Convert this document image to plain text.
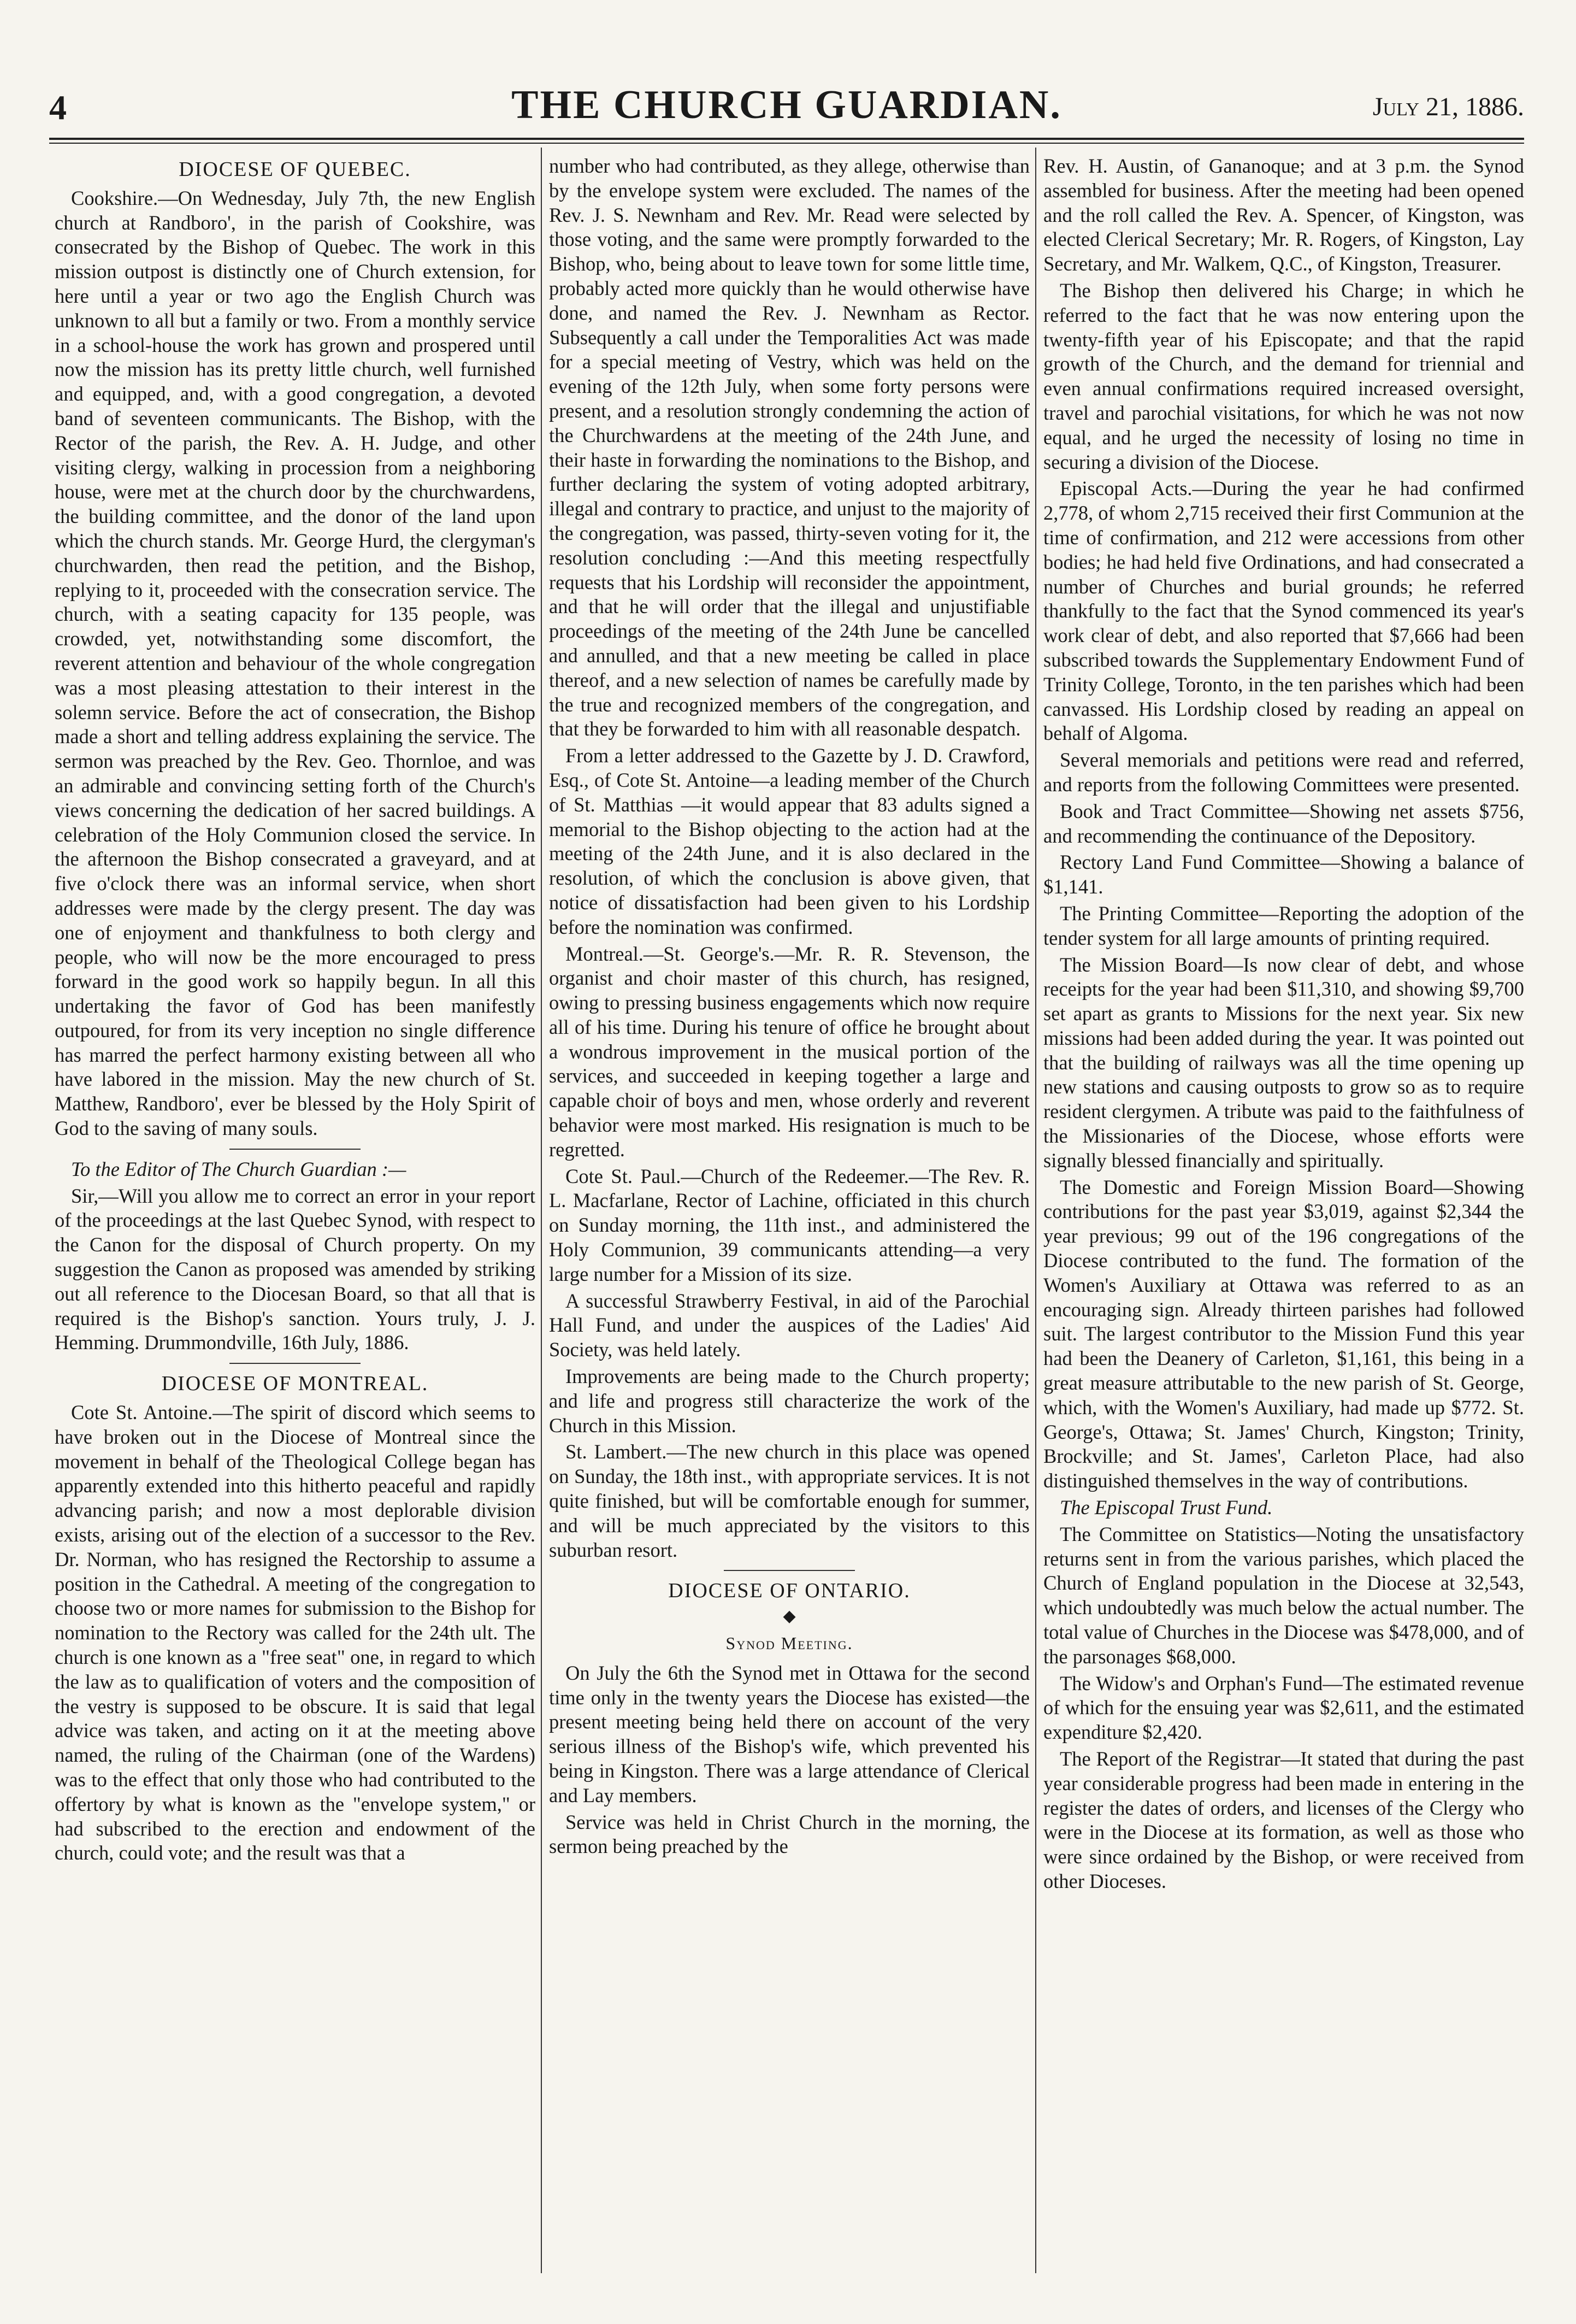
4	THE CHURCH GUARDIAN.	July 21, 1886.
DIOCESE OF QUEBEC.

Cookshire.—On Wednesday, July 7th, the new English church at Randboro', in the parish of Cookshire, was consecrated by the Bishop of Quebec. The work in this mission outpost is distinctly one of Church extension, for here until a year or two ago the English Church was unknown to all but a family or two. From a monthly service in a school-house the work has grown and prospered until now the mission has its pretty little church, well furnished and equipped, and, with a good congregation, a devoted band of seventeen communicants. The Bishop, with the Rector of the parish, the Rev. A. H. Judge, and other visiting clergy, walking in procession from a neighboring house, were met at the church door by the churchwardens, the building committee, and the donor of the land upon which the church stands. Mr. George Hurd, the clergyman's churchwarden, then read the petition, and the Bishop, replying to it, proceeded with the consecration service. The church, with a seating capacity for 135 people, was crowded, yet, notwithstanding some discomfort, the reverent attention and behaviour of the whole congregation was a most pleasing attestation to their interest in the solemn service. Before the act of consecration, the Bishop made a short and telling address explaining the service. The sermon was preached by the Rev. Geo. Thornloe, and was an admirable and convincing setting forth of the Church's views concerning the dedication of her sacred buildings. A celebration of the Holy Communion closed the service. In the afternoon the Bishop consecrated a graveyard, and at five o'clock there was an informal service, when short addresses were made by the clergy present. The day was one of enjoyment and thankfulness to both clergy and people, who will now be the more encouraged to press forward in the good work so happily begun. In all this undertaking the favor of God has been manifestly outpoured, for from its very inception no single difference has marred the perfect harmony existing between all who have labored in the mission. May the new church of St. Matthew, Randboro', ever be blessed by the Holy Spirit of God to the saving of many souls.

To the Editor of The Church Guardian :—

Sir,—Will you allow me to correct an error in your report of the proceedings at the last Quebec Synod, with respect to the Canon for the disposal of Church property. On my suggestion the Canon as proposed was amended by striking out all reference to the Diocesan Board, so that all that is required is the Bishop's sanction. Yours truly, J. J. Hemming. Drummondville, 16th July, 1886.

DIOCESE OF MONTREAL.

Cote St. Antoine.—The spirit of discord which seems to have broken out in the Diocese of Montreal since the movement in behalf of the Theological College began has apparently extended into this hitherto peaceful and rapidly advancing parish; and now a most deplorable division exists, arising out of the election of a successor to the Rev. Dr. Norman, who has resigned the Rectorship to assume a position in the Cathedral. A meeting of the congregation to choose two or more names for submission to the Bishop for nomination to the Rectory was called for the 24th ult. The church is one known as a "free seat" one, in regard to which the law as to qualification of voters and the composition of the vestry is supposed to be obscure. It is said that legal advice was taken, and acting on it at the meeting above named, the ruling of the Chairman (one of the Wardens) was to the effect that only those who had contributed to the offertory by what is known as the "envelope system," or had subscribed to the erection and endowment of the church, could vote; and the result was that a

number who had contributed, as they allege, otherwise than by the envelope system were excluded. The names of the Rev. J. S. Newnham and Rev. Mr. Read were selected by those voting, and the same were promptly forwarded to the Bishop, who, being about to leave town for some little time, probably acted more quickly than he would otherwise have done, and named the Rev. J. Newnham as Rector. Subsequently a call under the Temporalities Act was made for a special meeting of Vestry, which was held on the evening of the 12th July, when some forty persons were present, and a resolution strongly condemning the action of the Churchwardens at the meeting of the 24th June, and their haste in forwarding the nominations to the Bishop, and further declaring the system of voting adopted arbitrary, illegal and contrary to practice, and unjust to the majority of the congregation, was passed, thirty-seven voting for it, the resolution concluding :—And this meeting respectfully requests that his Lordship will reconsider the appointment, and that he will order that the illegal and unjustifiable proceedings of the meeting of the 24th June be cancelled and annulled, and that a new meeting be called in place thereof, and a new selection of names be carefully made by the true and recognized members of the congregation, and that they be forwarded to him with all reasonable despatch.

From a letter addressed to the Gazette by J. D. Crawford, Esq., of Cote St. Antoine—a leading member of the Church of St. Matthias —it would appear that 83 adults signed a memorial to the Bishop objecting to the action had at the meeting of the 24th June, and it is also declared in the resolution, of which the conclusion is above given, that notice of dissatisfaction had been given to his Lordship before the nomination was confirmed.

Montreal.—St. George's.—Mr. R. R. Stevenson, the organist and choir master of this church, has resigned, owing to pressing business engagements which now require all of his time. During his tenure of office he brought about a wondrous improvement in the musical portion of the services, and succeeded in keeping together a large and capable choir of boys and men, whose orderly and reverent behavior were most marked. His resignation is much to be regretted.

Cote St. Paul.—Church of the Redeemer.—The Rev. R. L. Macfarlane, Rector of Lachine, officiated in this church on Sunday morning, the 11th inst., and administered the Holy Communion, 39 communicants attending—a very large number for a Mission of its size.

A successful Strawberry Festival, in aid of the Parochial Hall Fund, and under the auspices of the Ladies' Aid Society, was held lately.

Improvements are being made to the Church property; and life and progress still characterize the work of the Church in this Mission.

St. Lambert.—The new church in this place was opened on Sunday, the 18th inst., with appropriate services. It is not quite finished, but will be comfortable enough for summer, and will be much appreciated by the visitors to this suburban resort.

DIOCESE OF ONTARIO.
◆
Synod Meeting.

On July the 6th the Synod met in Ottawa for the second time only in the twenty years the Diocese has existed—the present meeting being held there on account of the very serious illness of the Bishop's wife, which prevented his being in Kingston. There was a large attendance of Clerical and Lay members.

Service was held in Christ Church in the morning, the sermon being preached by the

Rev. H. Austin, of Gananoque; and at 3 p.m. the Synod assembled for business. After the meeting had been opened and the roll called the Rev. A. Spencer, of Kingston, was elected Clerical Secretary; Mr. R. Rogers, of Kingston, Lay Secretary, and Mr. Walkem, Q.C., of Kingston, Treasurer.

The Bishop then delivered his Charge; in which he referred to the fact that he was now entering upon the twenty-fifth year of his Episcopate; and that the rapid growth of the Church, and the demand for triennial and even annual confirmations required increased oversight, travel and parochial visitations, for which he was not now equal, and he urged the necessity of losing no time in securing a division of the Diocese.

Episcopal Acts.—During the year he had confirmed 2,778, of whom 2,715 received their first Communion at the time of confirmation, and 212 were accessions from other bodies; he had held five Ordinations, and had consecrated a number of Churches and burial grounds; he referred thankfully to the fact that the Synod commenced its year's work clear of debt, and also reported that $7,666 had been subscribed towards the Supplementary Endowment Fund of Trinity College, Toronto, in the ten parishes which had been canvassed. His Lordship closed by reading an appeal on behalf of Algoma.

Several memorials and petitions were read and referred, and reports from the following Committees were presented.

Book and Tract Committee—Showing net assets $756, and recommending the continuance of the Depository.

Rectory Land Fund Committee—Showing a balance of $1,141.

The Printing Committee—Reporting the adoption of the tender system for all large amounts of printing required.

The Mission Board—Is now clear of debt, and whose receipts for the year had been $11,310, and showing $9,700 set apart as grants to Missions for the next year. Six new missions had been added during the year. It was pointed out that the building of railways was all the time opening up new stations and causing outposts to grow so as to require resident clergymen. A tribute was paid to the faithfulness of the Missionaries of the Diocese, whose efforts were signally blessed financially and spiritually.

The Domestic and Foreign Mission Board—Showing contributions for the past year $3,019, against $2,344 the year previous; 99 out of the 196 congregations of the Diocese contributed to the fund. The formation of the Women's Auxiliary at Ottawa was referred to as an encouraging sign. Already thirteen parishes had followed suit. The largest contributor to the Mission Fund this year had been the Deanery of Carleton, $1,161, this being in a great measure attributable to the new parish of St. George, which, with the Women's Auxiliary, had made up $772. St. George's, Ottawa; St. James' Church, Kingston; Trinity, Brockville; and St. James', Carleton Place, had also distinguished themselves in the way of contributions.

The Episcopal Trust Fund.

The Committee on Statistics—Noting the unsatisfactory returns sent in from the various parishes, which placed the Church of England population in the Diocese at 32,543, which undoubtedly was much below the actual number. The total value of Churches in the Diocese was $478,000, and of the parsonages $68,000.

The Widow's and Orphan's Fund—The estimated revenue of which for the ensuing year was $2,611, and the estimated expenditure $2,420.

The Report of the Registrar—It stated that during the past year considerable progress had been made in entering in the register the dates of orders, and licenses of the Clergy who were in the Diocese at its formation, as well as those who were since ordained by the Bishop, or were received from other Dioceses.
